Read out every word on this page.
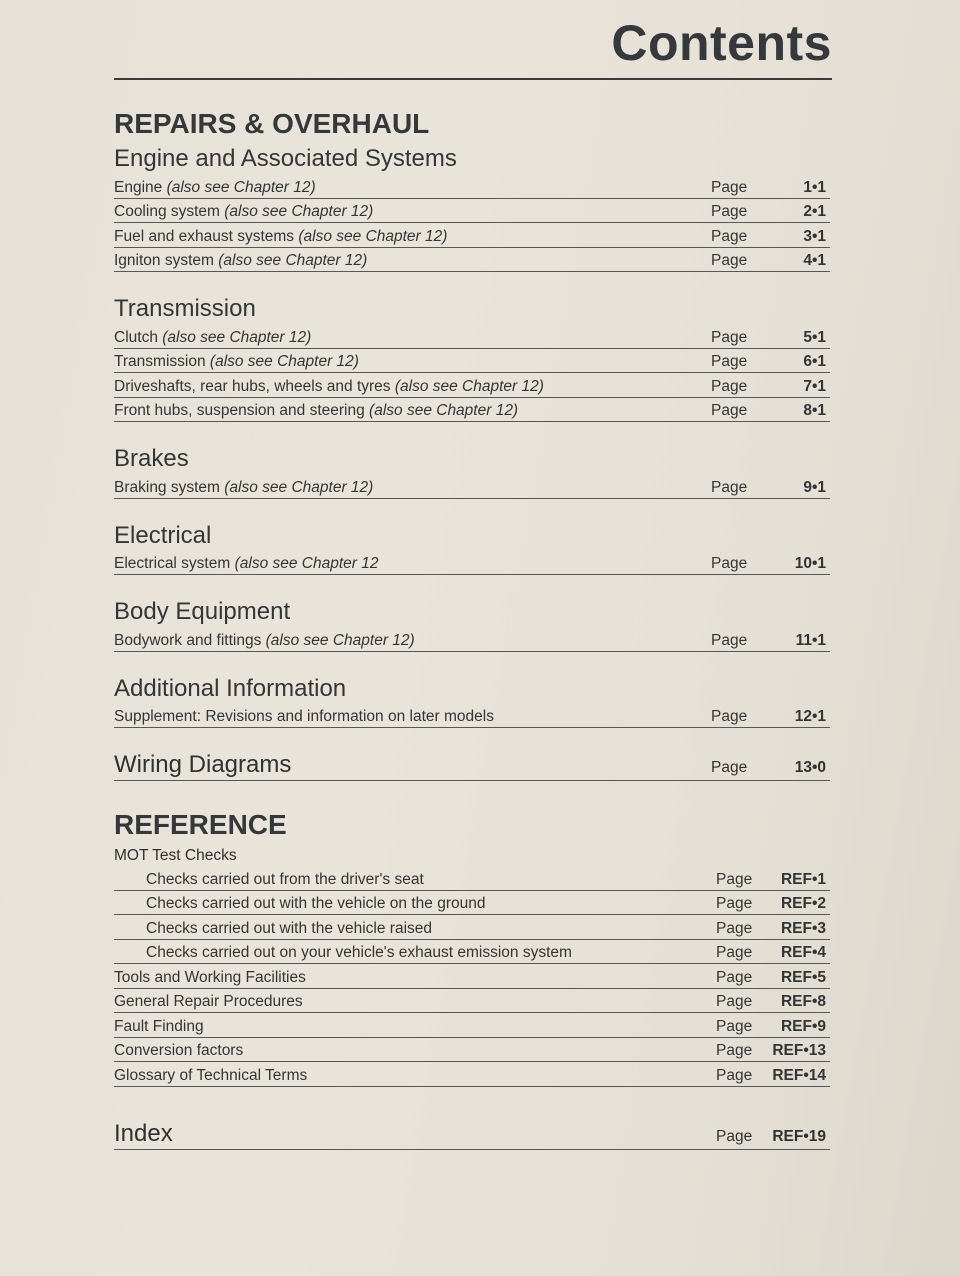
Contents
REPAIRS & OVERHAUL
Engine and Associated Systems
Engine (also see Chapter 12)	Page	1•1
Cooling system (also see Chapter 12)	Page	2•1
Fuel and exhaust systems (also see Chapter 12)	Page	3•1
Igniton system (also see Chapter 12)	Page	4•1
Transmission
Clutch (also see Chapter 12)	Page	5•1
Transmission (also see Chapter 12)	Page	6•1
Driveshafts, rear hubs, wheels and tyres (also see Chapter 12)	Page	7•1
Front hubs, suspension and steering (also see Chapter 12)	Page	8•1
Brakes
Braking system (also see Chapter 12)	Page	9•1
Electrical
Electrical system (also see Chapter 12	Page	10•1
Body Equipment
Bodywork and fittings (also see Chapter 12)	Page	11•1
Additional Information
Supplement: Revisions and information on later models	Page	12•1
Wiring Diagrams	Page	13•0
REFERENCE
MOT Test Checks
Checks carried out from the driver's seat	Page	REF•1
Checks carried out with the vehicle on the ground	Page	REF•2
Checks carried out with the vehicle raised	Page	REF•3
Checks carried out on your vehicle's exhaust emission system	Page	REF•4
Tools and Working Facilities	Page	REF•5
General Repair Procedures	Page	REF•8
Fault Finding	Page	REF•9
Conversion factors	Page	REF•13
Glossary of Technical Terms	Page	REF•14
Index	Page	REF•19
